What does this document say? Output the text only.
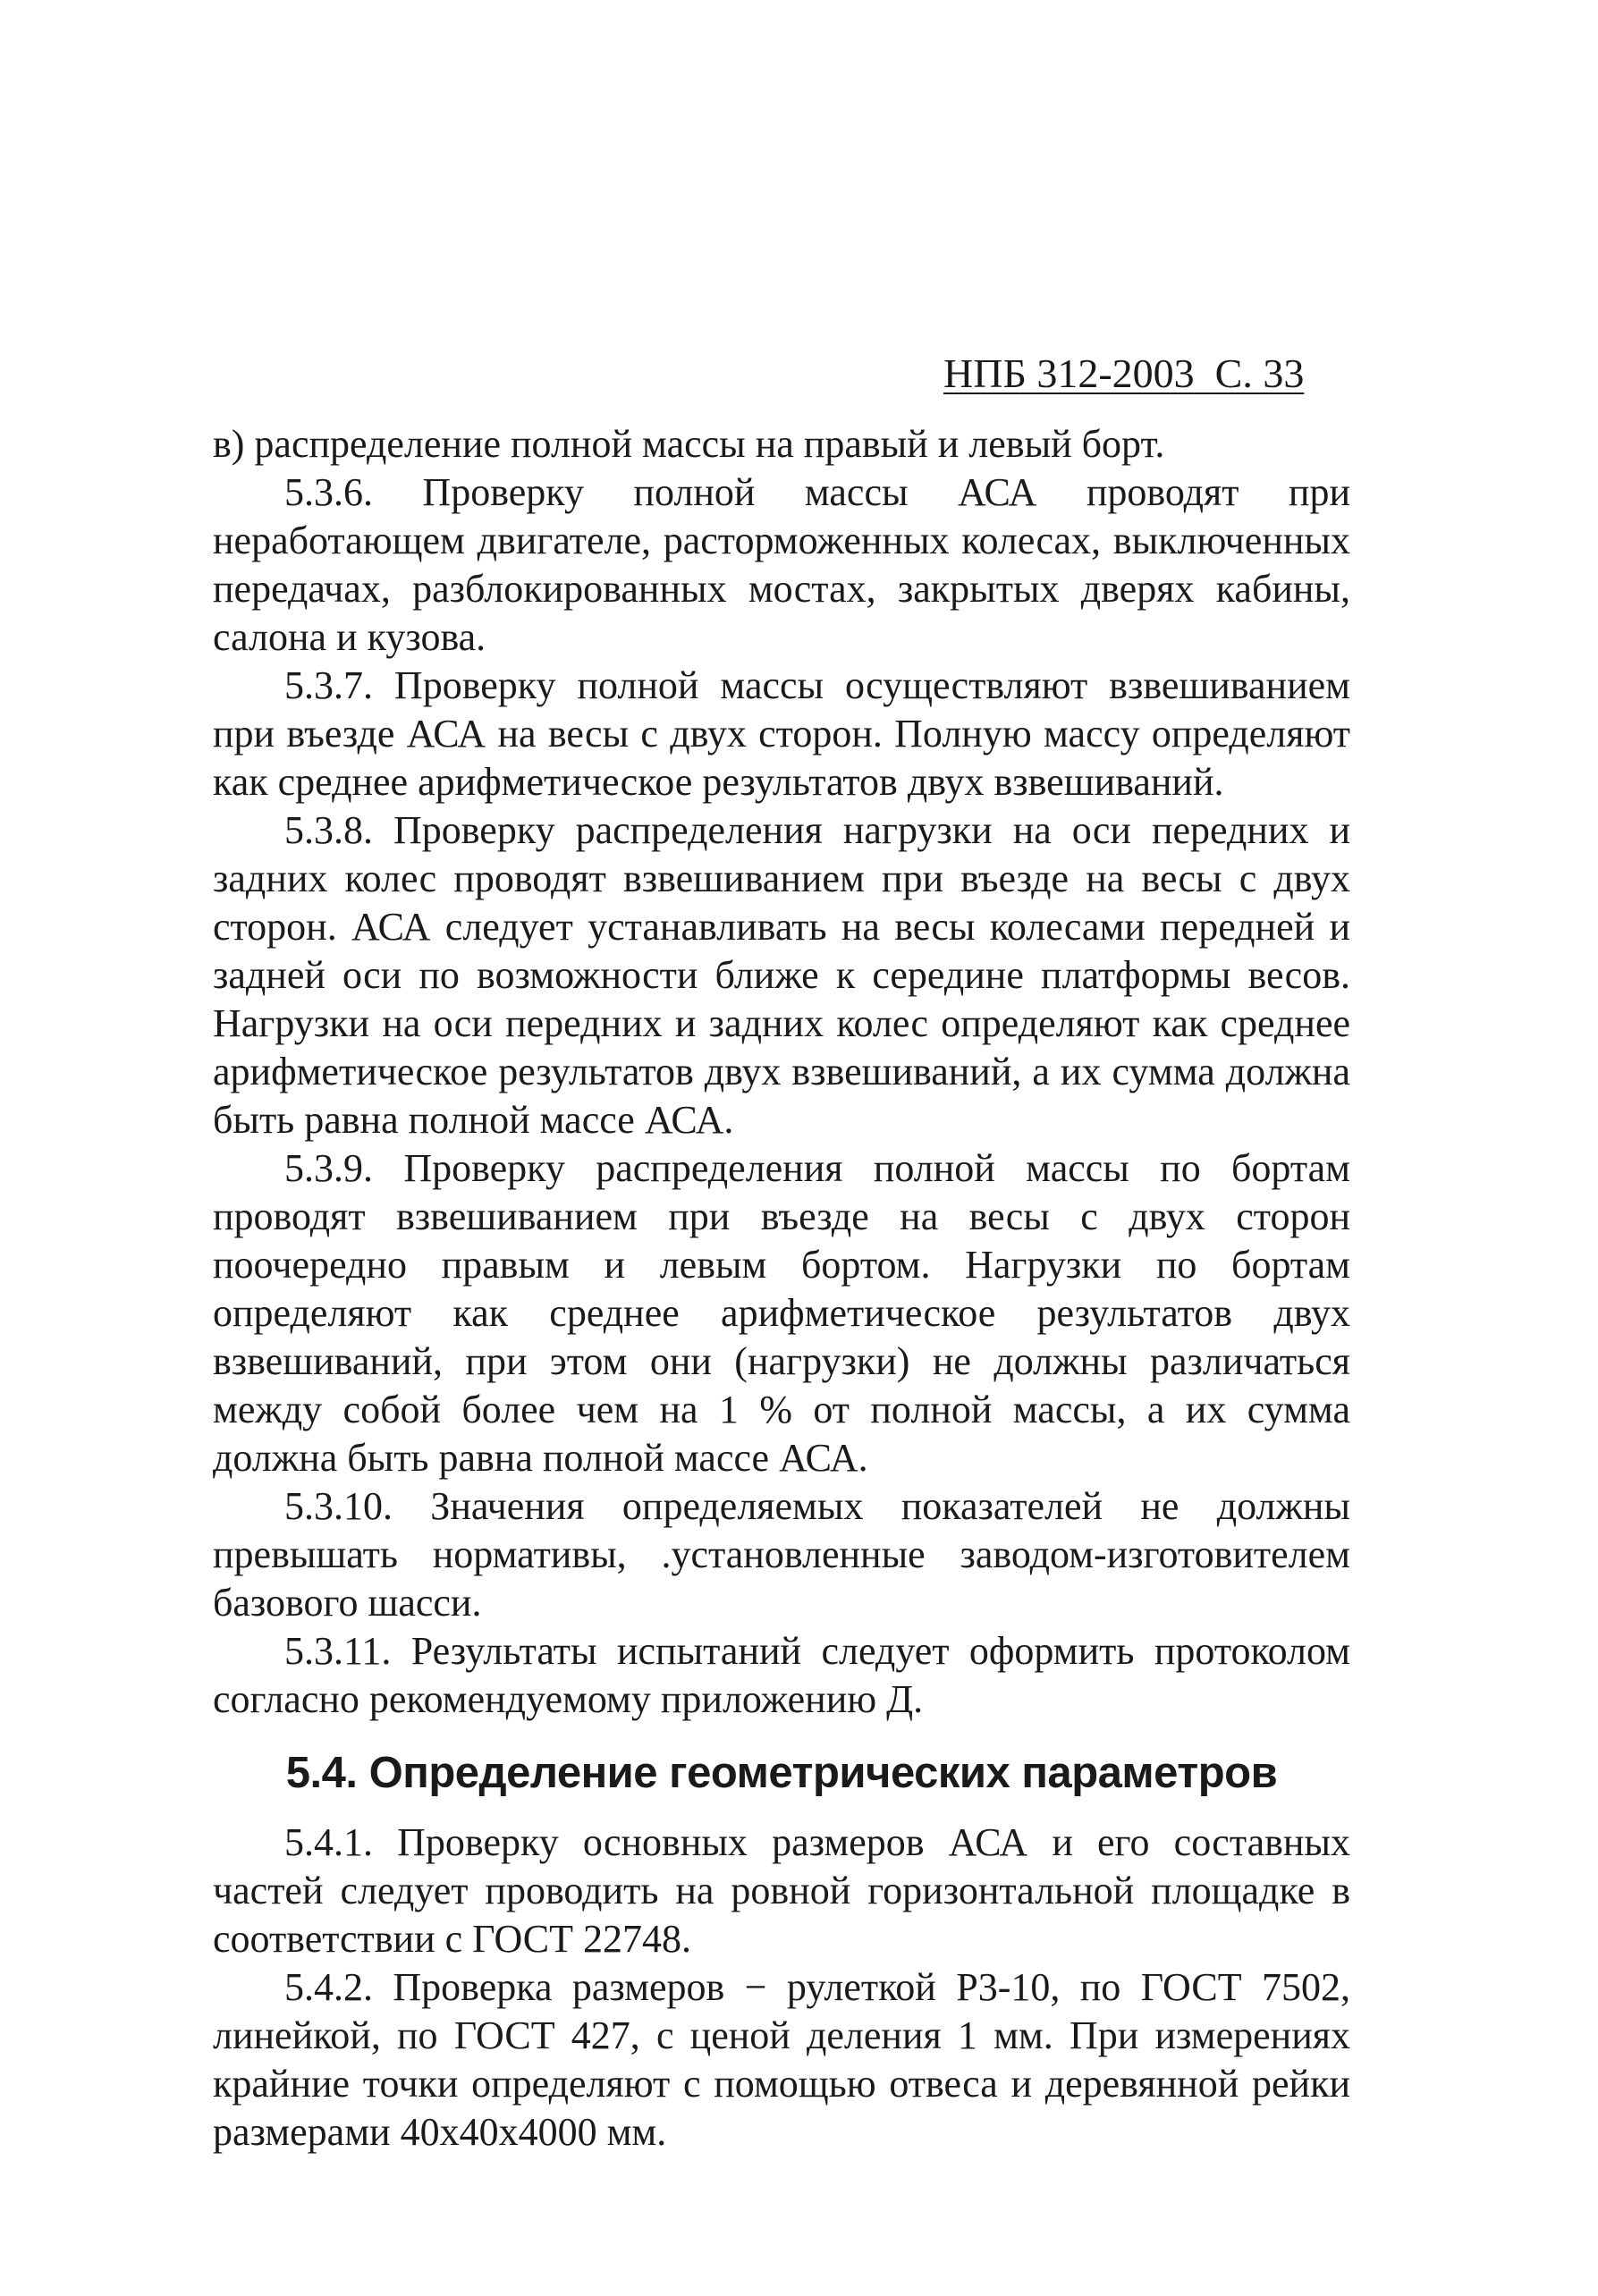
НПБ 312-2003 С. 33

в) распределение полной массы на правый и левый борт.

5.3.6. Проверку полной массы АСА проводят при неработающем двигателе, расторможенных колесах, выключенных передачах, разблокированных мостах, закрытых дверях кабины, салона и кузова.

5.3.7. Проверку полной массы осуществляют взвешиванием при въезде АСА на весы с двух сторон. Полную массу определяют как среднее арифметическое результатов двух взвешиваний.

5.3.8. Проверку распределения нагрузки на оси передних и задних колес проводят взвешиванием при въезде на весы с двух сторон. АСА следует устанавливать на весы колесами передней и задней оси по возможности ближе к середине платформы весов. Нагрузки на оси передних и задних колес определяют как среднее арифметическое результатов двух взвешиваний, а их сумма должна быть равна полной массе АСА.

5.3.9. Проверку распределения полной массы по бортам проводят взвешиванием при въезде на весы с двух сторон поочередно правым и левым бортом. Нагрузки по бортам определяют как среднее арифметическое результатов двух взвешиваний, при этом они (нагрузки) не должны различаться между собой более чем на 1 % от полной массы, а их сумма должна быть равна полной массе АСА.

5.3.10. Значения определяемых показателей не должны превышать нормативы, .установленные заводом-изготовителем базового шасси.

5.3.11. Результаты испытаний следует оформить протоколом согласно рекомендуемому приложению Д.

5.4. Определение геометрических параметров

5.4.1. Проверку основных размеров АСА и его составных частей следует проводить на ровной горизонтальной площадке в соответствии с ГОСТ 22748.

5.4.2. Проверка размеров − рулеткой Р3-10, по ГОСТ 7502, линейкой, по ГОСТ 427, с ценой деления 1 мм. При измерениях крайние точки определяют с помощью отвеса и деревянной рейки размерами 40х40х4000 мм.
